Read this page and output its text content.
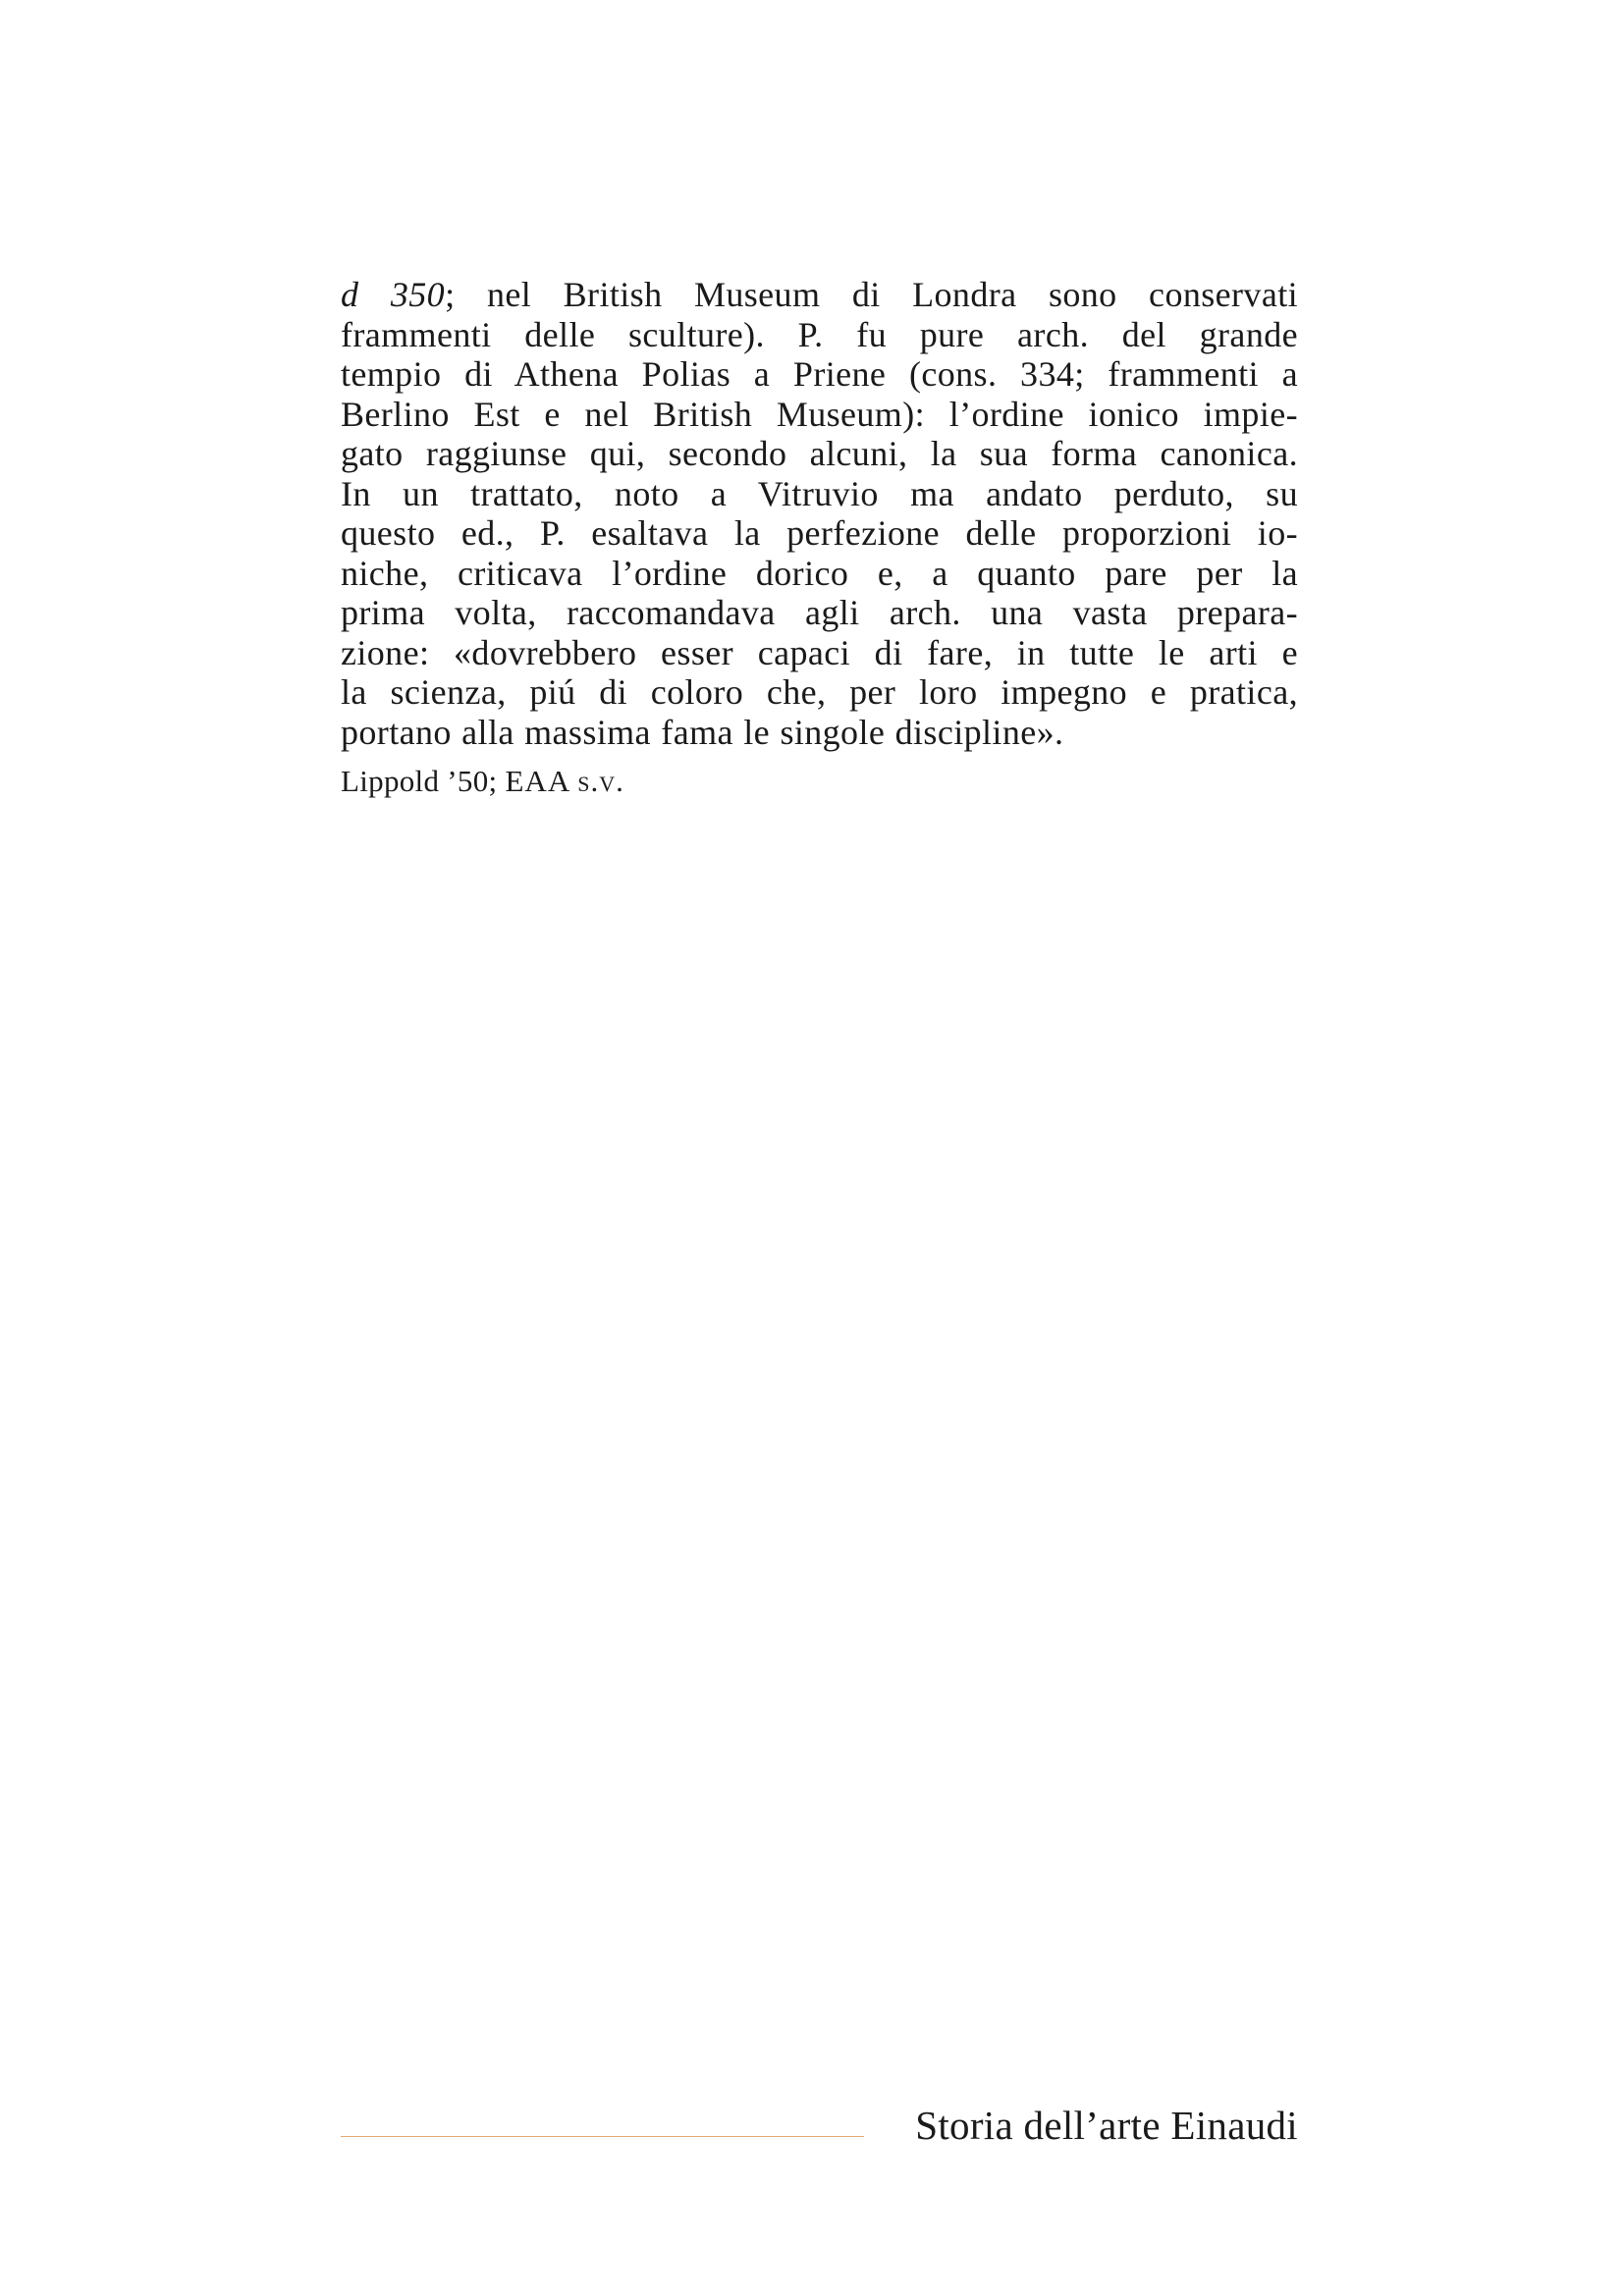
d 350; nel British Museum di Londra sono conservati
frammenti delle sculture). P. fu pure arch. del grande
tempio di Athena Polias a Priene (cons. 334; frammenti a
Berlino Est e nel British Museum): l’ordine ionico impie-
gato raggiunse qui, secondo alcuni, la sua forma canonica.
In un trattato, noto a Vitruvio ma andato perduto, su
questo ed., P. esaltava la perfezione delle proporzioni io-
niche, criticava l’ordine dorico e, a quanto pare per la
prima volta, raccomandava agli arch. una vasta prepara-
zione: «dovrebbero esser capaci di fare, in tutte le arti e
la scienza, piú di coloro che, per loro impegno e pratica,
portano alla massima fama le singole discipline».

Lippold ’50; EAA s.v.
Storia dell’arte Einaudi
